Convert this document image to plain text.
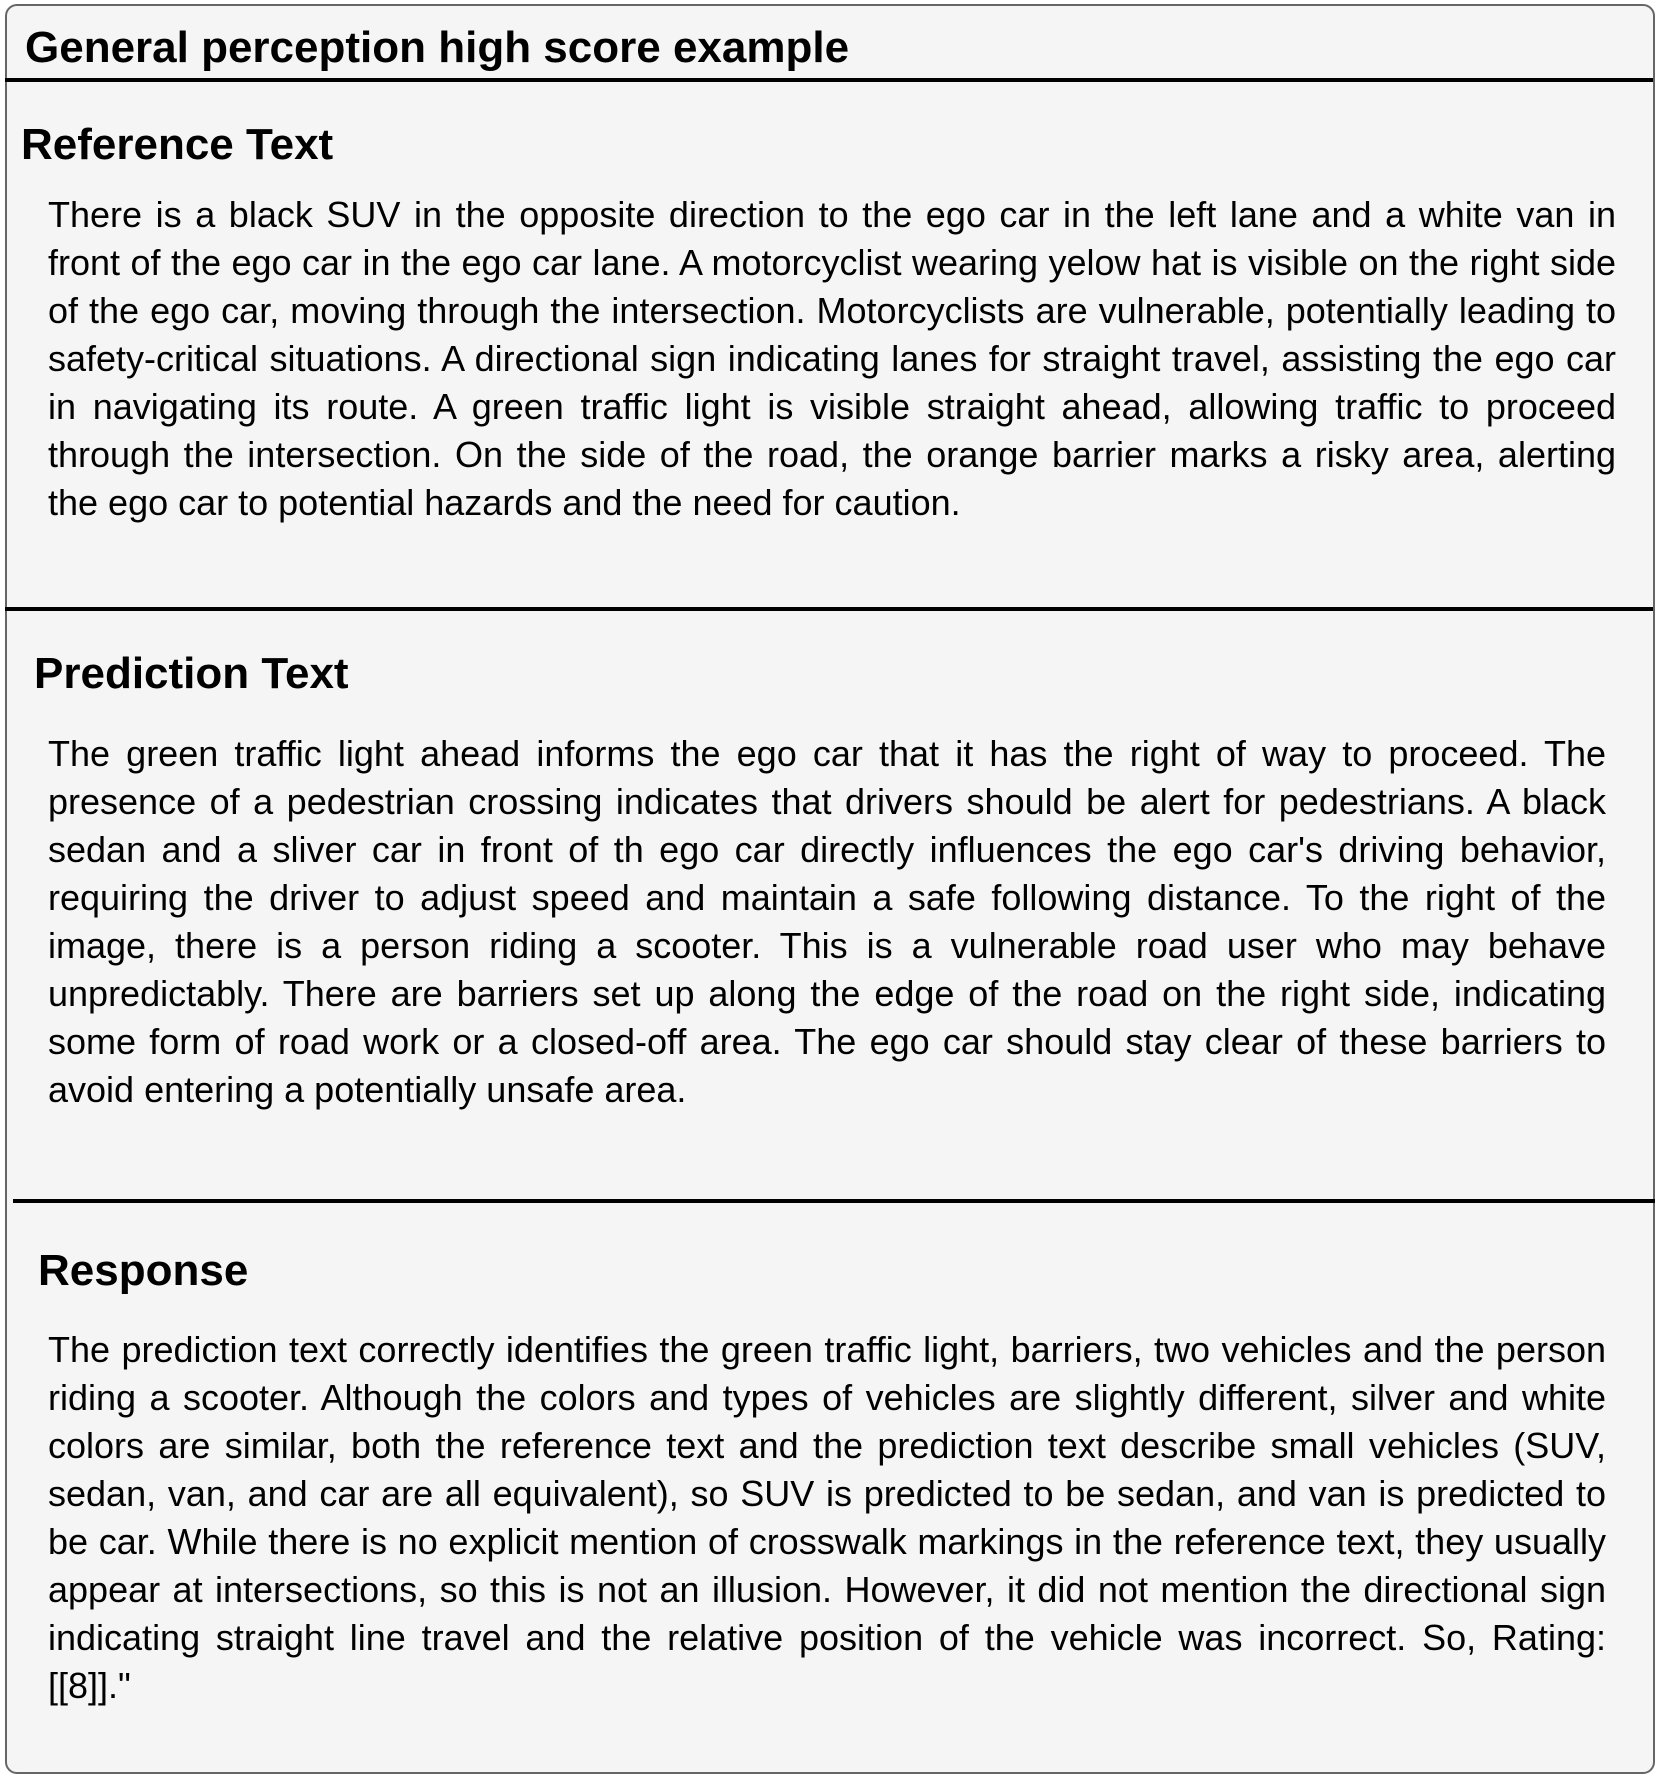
General perception high score example
Reference Text

There is a black SUV in the opposite direction to the ego car in the left lane and a white van in front of the ego car in the ego car lane. A motorcyclist wearing yelow hat is visible on the right side of the ego car, moving through the intersection. Motorcyclists are vulnerable, potentially leading to safety-critical situations. A directional sign indicating lanes for straight travel, assisting the ego car in navigating its route. A green traffic light is visible straight ahead, allowing traffic to proceed through the intersection. On the side of the road, the orange barrier marks a risky area, alerting the ego car to potential hazards and the need for caution.

Prediction Text

The green traffic light ahead informs the ego car that it has the right of way to proceed. The presence of a pedestrian crossing indicates that drivers should be alert for pedestrians. A black sedan and a sliver car in front of th ego car directly influences the ego car's driving behavior, requiring the driver to adjust speed and maintain a safe following distance. To the right of the image, there is a person riding a scooter. This is a vulnerable road user who may behave unpredictably. There are barriers set up along the edge of the road on the right side, indicating some form of road work or a closed-off area. The ego car should stay clear of these barriers to avoid entering a potentially unsafe area.

Response

The prediction text correctly identifies the green traffic light, barriers, two vehicles and the person riding a scooter. Although the colors and types of vehicles are slightly different, silver and white colors are similar, both the reference text and the prediction text describe small vehicles (SUV, sedan, van, and car are all equivalent), so SUV is predicted to be sedan, and van is predicted to be car. While there is no explicit mention of crosswalk markings in the reference text, they usually appear at intersections, so this is not an illusion. However, it did not mention the directional sign indicating straight line travel and the relative position of the vehicle was incorrect. So, Rating: [[8]]."
